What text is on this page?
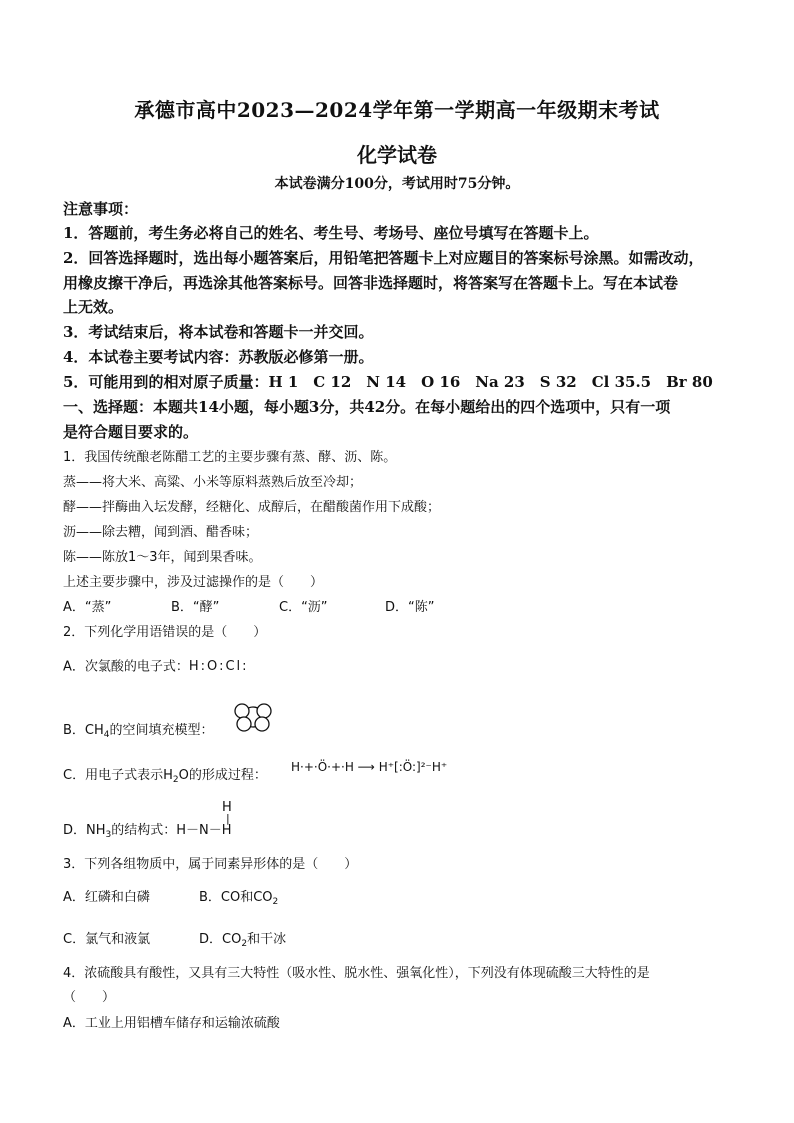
承德市高中2023—2024学年第一学期高一年级期末考试
化学试卷
本试卷满分100分，考试用时75分钟。
注意事项：
1．答题前，考生务必将自己的姓名、考生号、考场号、座位号填写在答题卡上。
2．回答选择题时，选出每小题答案后，用铅笔把答题卡上对应题目的答案标号涂黑。如需改动，
用橡皮擦干净后，再选涂其他答案标号。回答非选择题时，将答案写在答题卡上。写在本试卷
上无效。
3．考试结束后，将本试卷和答题卡一并交回。
4．本试卷主要考试内容：苏教版必修第一册。
5．可能用到的相对原子质量：H 1　C 12　N 14　O 16　Na 23　S 32　Cl 35.5　Br 80
一、选择题：本题共14小题，每小题3分，共42分。在每小题给出的四个选项中，只有一项
是符合题目要求的。
1．我国传统酿老陈醋工艺的主要步骤有蒸、酵、沥、陈。
蒸——将大米、高粱、小米等原料蒸熟后放至冷却；
酵——拌酶曲入坛发酵，经糖化、成醇后，在醋酸菌作用下成酸；
沥——除去糟，闻到酒、醋香味；
陈——陈放1～3年，闻到果香味。
上述主要步骤中，涉及过滤操作的是（　　）
A．“蒸”	B．“酵”	C．“沥”	D．“陈”
2．下列化学用语错误的是（　　）
A．次氯酸的电子式：H:O:Cl:
B．$CH_4$的空间填充模型：
C．用电子式表示$H_2O$的形成过程：
H·+·Ö·+·H ⟶ H⁺[:Ö:]²⁻H⁺
H
|
D．$NH_3$的结构式：H－N－H
3．下列各组物质中，属于同素异形体的是（　　）
A．红磷和白磷	B．CO和$CO_2$
C．氯气和液氯	D．$CO_2$和干冰
4．浓硫酸具有酸性，又具有三大特性（吸水性、脱水性、强氧化性），下列没有体现硫酸三大特性的是
（　　）
A．工业上用铝槽车储存和运输浓硫酸
